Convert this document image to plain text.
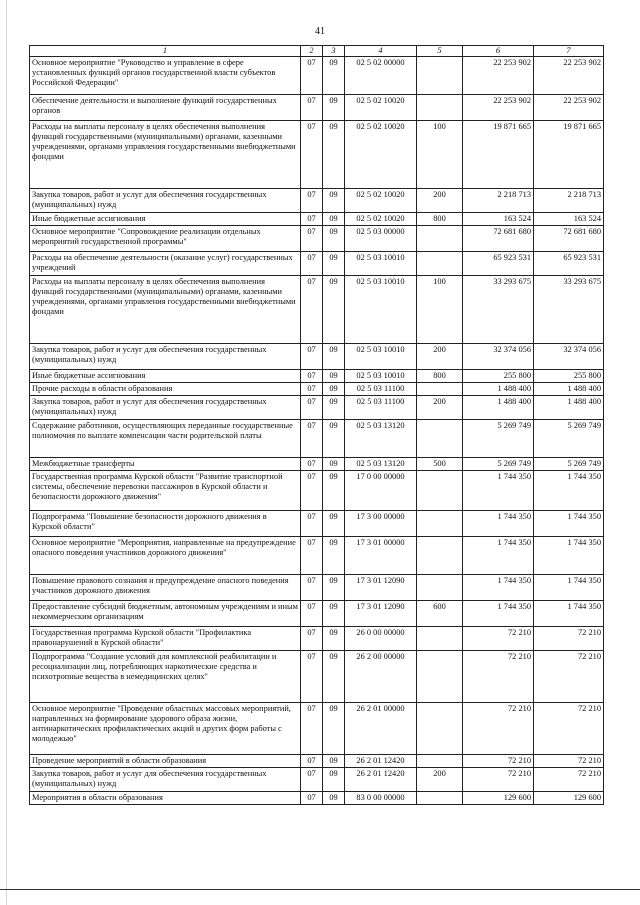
41
1	2	3	4	5	6	7
Основное мероприятие "Руководство и управление в сфере установленных функций органов государственной власти субъектов Российской Федерации"	07	09	02 5 02 00000		22 253 902	22 253 902
Обеспечение деятельности и выполнение функций государственных органов	07	09	02 5 02 10020		22 253 902	22 253 902
Расходы на выплаты персоналу в целях обеспечения выполнения функций государственными (муниципальными) органами, казенными учреждениями, органами управления государственными внебюджетными фондами	07	09	02 5 02 10020	100	19 871 665	19 871 665
Закупка товаров, работ и услуг для обеспечения государственных (муниципальных) нужд	07	09	02 5 02 10020	200	2 218 713	2 218 713
Иные бюджетные ассигнования	07	09	02 5 02 10020	800	163 524	163 524
Основное мероприятие "Сопровождение реализации отдельных мероприятий государственной программы"	07	09	02 5 03 00000		72 681 680	72 681 680
Расходы на обеспечение деятельности (оказание услуг) государственных учреждений	07	09	02 5 03 10010		65 923 531	65 923 531
Расходы на выплаты персоналу в целях обеспечения выполнения функций государственными (муниципальными) органами, казенными учреждениями, органами управления государственными внебюджетными фондами	07	09	02 5 03 10010	100	33 293 675	33 293 675
Закупка товаров, работ и услуг для обеспечения государственных (муниципальных) нужд	07	09	02 5 03 10010	200	32 374 056	32 374 056
Иные бюджетные ассигнования	07	09	02 5 03 10010	800	255 800	255 800
Прочие расходы в области образования	07	09	02 5 03 11100		1 488 400	1 488 400
Закупка товаров, работ и услуг для обеспечения государственных (муниципальных) нужд	07	09	02 5 03 11100	200	1 488 400	1 488 400
Содержание работников, осуществляющих переданные государственные полномочия по выплате компенсации части родительской платы	07	09	02 5 03 13120		5 269 749	5 269 749
Межбюджетные трансферты	07	09	02 5 03 13120	500	5 269 749	5 269 749
Государственная программа Курской области "Развитие транспортной системы, обеспечение перевозки пассажиров в Курской области и безопасности дорожного движения"	07	09	17 0 00 00000		1 744 350	1 744 350
Подпрограмма "Повышение безопасности дорожного движения в Курской области"	07	09	17 3 00 00000		1 744 350	1 744 350
Основное мероприятие "Мероприятия, направленные на предупреждение опасного поведения участников дорожного движения"	07	09	17 3 01 00000		1 744 350	1 744 350
Повышение правового сознания и предупреждение опасного поведения участников дорожного движения	07	09	17 3 01 12090		1 744 350	1 744 350
Предоставление субсидий бюджетным, автономным учреждениям и иным некоммерческим организациям	07	09	17 3 01 12090	600	1 744 350	1 744 350
Государственная программа Курской области "Профилактика правонарушений в Курской области"	07	09	26 0 00 00000		72 210	72 210
Подпрограмма "Создание условий для комплексной реабилитации и ресоциализации лиц, потребляющих наркотические средства и психотропные вещества в немедицинских целях"	07	09	26 2 00 00000		72 210	72 210
Основное мероприятие "Проведение областных массовых мероприятий, направленных на формирование здорового образа жизни, антинаркотических профилактических акций и других форм работы с молодежью"	07	09	26 2 01 00000		72 210	72 210
Проведение мероприятий в области образования	07	09	26 2 01 12420		72 210	72 210
Закупка товаров, работ и услуг для обеспечения государственных (муниципальных) нужд	07	09	26 2 01 12420	200	72 210	72 210
Мероприятия в области образования	07	09	83 0 00 00000		129 600	129 600
